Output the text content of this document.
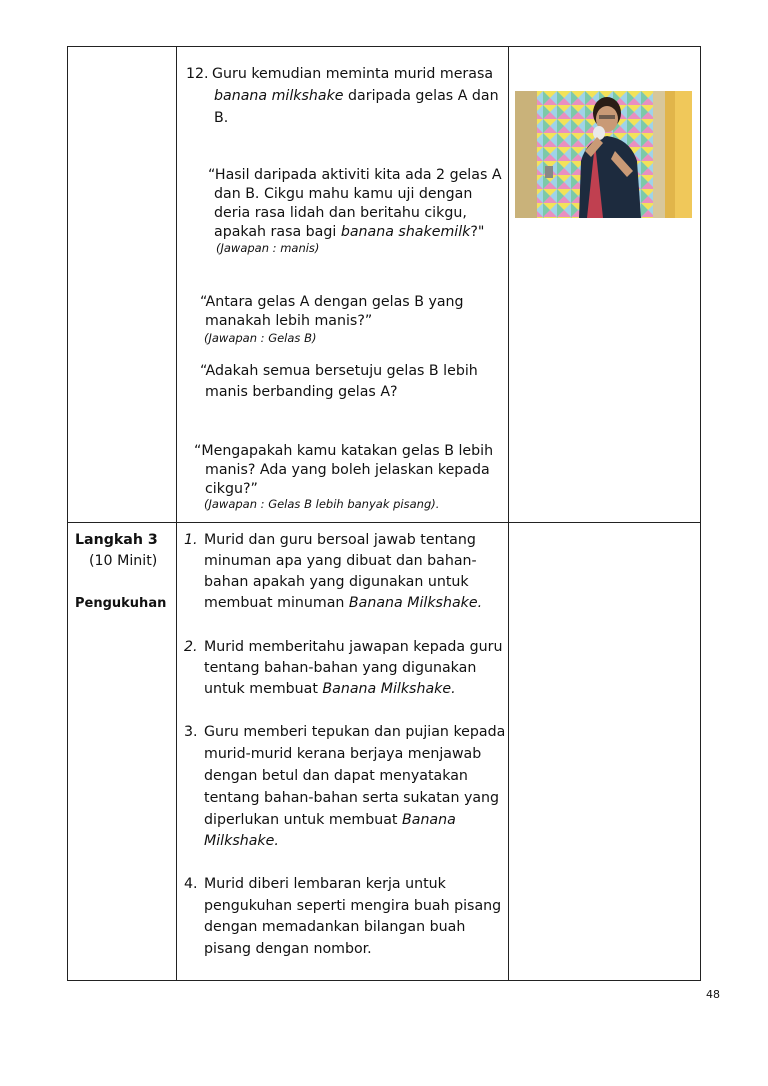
12. Guru kemudian meminta murid merasa
banana milkshake daripada gelas A dan
B.
“Hasil daripada aktiviti kita ada 2 gelas A
dan B. Cikgu mahu kamu uji dengan
deria rasa lidah dan beritahu cikgu,
apakah rasa bagi banana shakemilk?"
(Jawapan : manis)
“Antara gelas A dengan gelas B yang
manakah lebih manis?”
(Jawapan : Gelas B)
“Adakah semua bersetuju gelas B lebih
manis berbanding gelas A?
“Mengapakah kamu katakan gelas B lebih
manis? Ada yang boleh jelaskan kepada
cikgu?”
(Jawapan : Gelas B lebih banyak pisang).
Langkah 3
(10 Minit)
Pengukuhan
1. Murid dan guru bersoal jawab tentang
minuman apa yang dibuat dan bahan-
bahan apakah yang digunakan untuk
membuat minuman Banana Milkshake.
2. Murid memberitahu jawapan kepada guru
tentang bahan-bahan yang digunakan
untuk membuat Banana Milkshake.
3. Guru memberi tepukan dan pujian kepada
murid-murid kerana berjaya menjawab
dengan betul dan dapat menyatakan
tentang bahan-bahan serta sukatan yang
diperlukan untuk membuat Banana
Milkshake.
4. Murid diberi lembaran kerja untuk
pengukuhan seperti mengira buah pisang
dengan memadankan bilangan buah
pisang dengan nombor.
48
